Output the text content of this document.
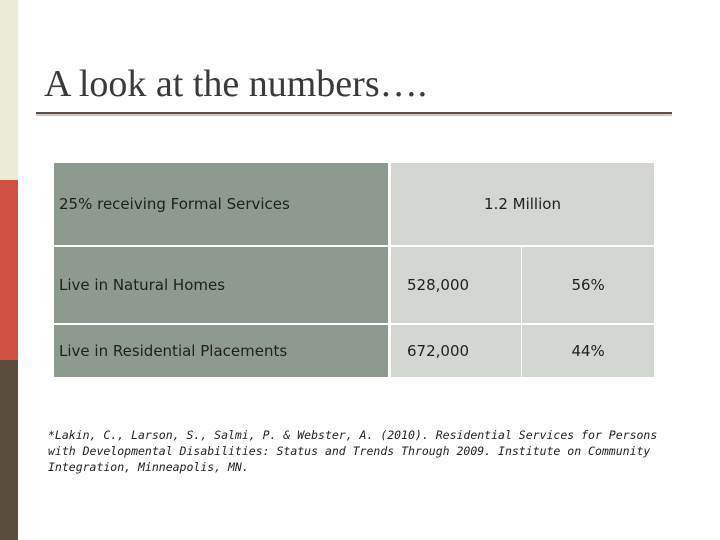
A look at the numbers….
25% receiving Formal Services	1.2 Million	
Live in Natural Homes	528,000	56%
Live in Residential Placements	672,000	44%
*Lakin, C., Larson, S., Salmi, P. & Webster, A. (2010). Residential Services for Persons with Developmental Disabilities: Status and Trends Through 2009. Institute on Community Integration, Minneapolis, MN.
